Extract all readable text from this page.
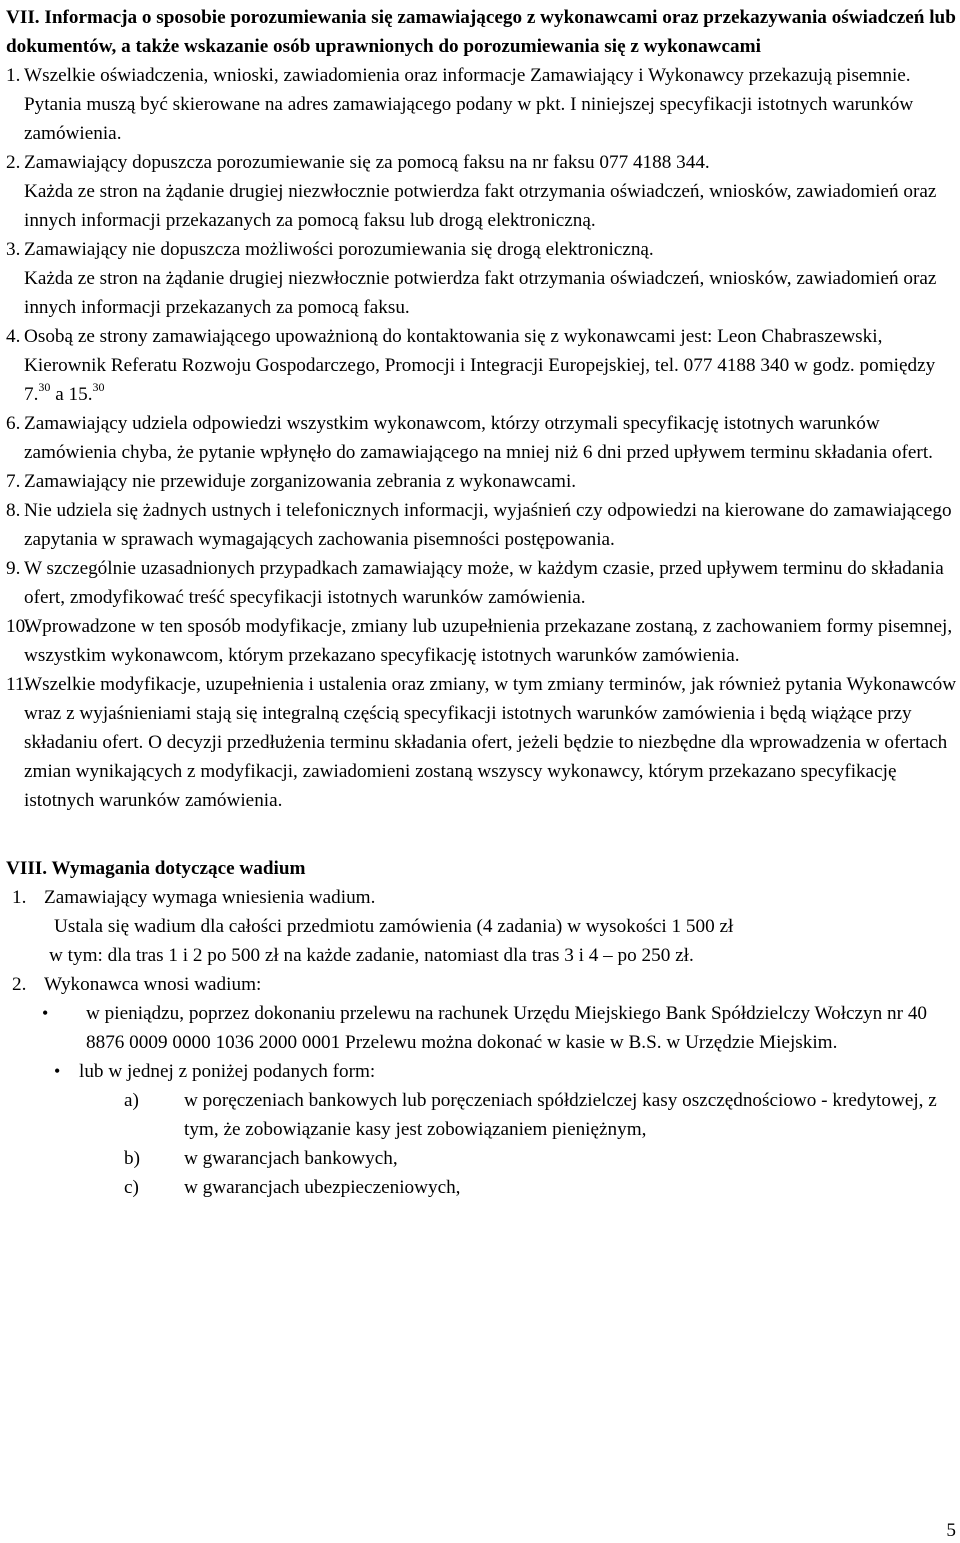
VII. Informacja o sposobie porozumiewania się zamawiającego z wykonawcami oraz przekazywania oświadczeń lub dokumentów, a także wskazanie osób uprawnionych do porozumiewania się z wykonawcami

1. Wszelkie oświadczenia, wnioski, zawiadomienia oraz informacje Zamawiający i Wykonawcy przekazują pisemnie. Pytania muszą być skierowane na adres zamawiającego podany w pkt. I niniejszej specyfikacji istotnych warunków zamówienia.
2. Zamawiający dopuszcza porozumiewanie się za pomocą faksu na nr faksu 077 4188 344.

Każda ze stron na żądanie drugiej niezwłocznie potwierdza fakt otrzymania oświadczeń, wniosków, zawiadomień oraz innych informacji przekazanych za pomocą faksu lub drogą elektroniczną.

3. Zamawiający nie dopuszcza możliwości porozumiewania się drogą elektroniczną.

Każda ze stron na żądanie drugiej niezwłocznie potwierdza fakt otrzymania oświadczeń, wniosków, zawiadomień oraz innych informacji przekazanych za pomocą faksu.

4. Osobą ze strony zamawiającego upoważnioną do kontaktowania się z wykonawcami jest: Leon Chabraszewski, Kierownik Referatu Rozwoju Gospodarczego, Promocji i Integracji Europejskiej, tel. 077 4188 340 w godz. pomiędzy 7.30 a 15.30
6. Zamawiający udziela odpowiedzi wszystkim wykonawcom, którzy otrzymali specyfikację istotnych warunków zamówienia chyba, że pytanie wpłynęło do zamawiającego na mniej niż 6 dni przed upływem terminu składania ofert.
7. Zamawiający nie przewiduje zorganizowania zebrania z wykonawcami.
8. Nie udziela się żadnych ustnych i telefonicznych informacji, wyjaśnień czy odpowiedzi na kierowane do zamawiającego zapytania w sprawach wymagających zachowania pisemności postępowania.
9. W szczególnie uzasadnionych przypadkach zamawiający może, w każdym czasie, przed upływem terminu do składania ofert, zmodyfikować treść specyfikacji istotnych warunków zamówienia.
10.
Wprowadzone w ten sposób modyfikacje, zmiany lub uzupełnienia przekazane zostaną, z zachowaniem formy pisemnej, wszystkim wykonawcom, którym przekazano specyfikację istotnych warunków zamówienia.
11.
Wszelkie modyfikacje, uzupełnienia i ustalenia oraz zmiany, w tym zmiany terminów, jak również pytania Wykonawców wraz z wyjaśnieniami stają się integralną częścią specyfikacji istotnych warunków zamówienia i będą wiążące przy składaniu ofert. O decyzji przedłużenia terminu składania ofert, jeżeli będzie to niezbędne dla wprowadzenia w ofertach zmian wynikających z modyfikacji, zawiadomieni zostaną wszyscy wykonawcy, którym przekazano specyfikację istotnych warunków zamówienia.

VIII. Wymagania dotyczące wadium

1. Zamawiający wymaga wniesienia wadium.

Ustala się wadium dla całości przedmiotu zamówienia (4 zadania) w wysokości 1 500 zł

w tym: dla tras 1 i 2 po 500 zł na każde zadanie, natomiast dla tras 3 i 4 – po 250 zł.

2. Wykonawca wnosi wadium:
• w pieniądzu, poprzez dokonaniu przelewu na rachunek Urzędu Miejskiego Bank Spółdzielczy Wołczyn nr 40 8876 0009 0000 1036 2000 0001 Przelewu można dokonać w kasie w B.S. w Urzędzie Miejskim.
• lub w jednej z poniżej podanych form:
a) w poręczeniach bankowych lub poręczeniach spółdzielczej kasy oszczędnościowo - kredytowej, z tym, że zobowiązanie kasy jest zobowiązaniem pieniężnym,
b) w gwarancjach bankowych,
c) w gwarancjach ubezpieczeniowych,
5
